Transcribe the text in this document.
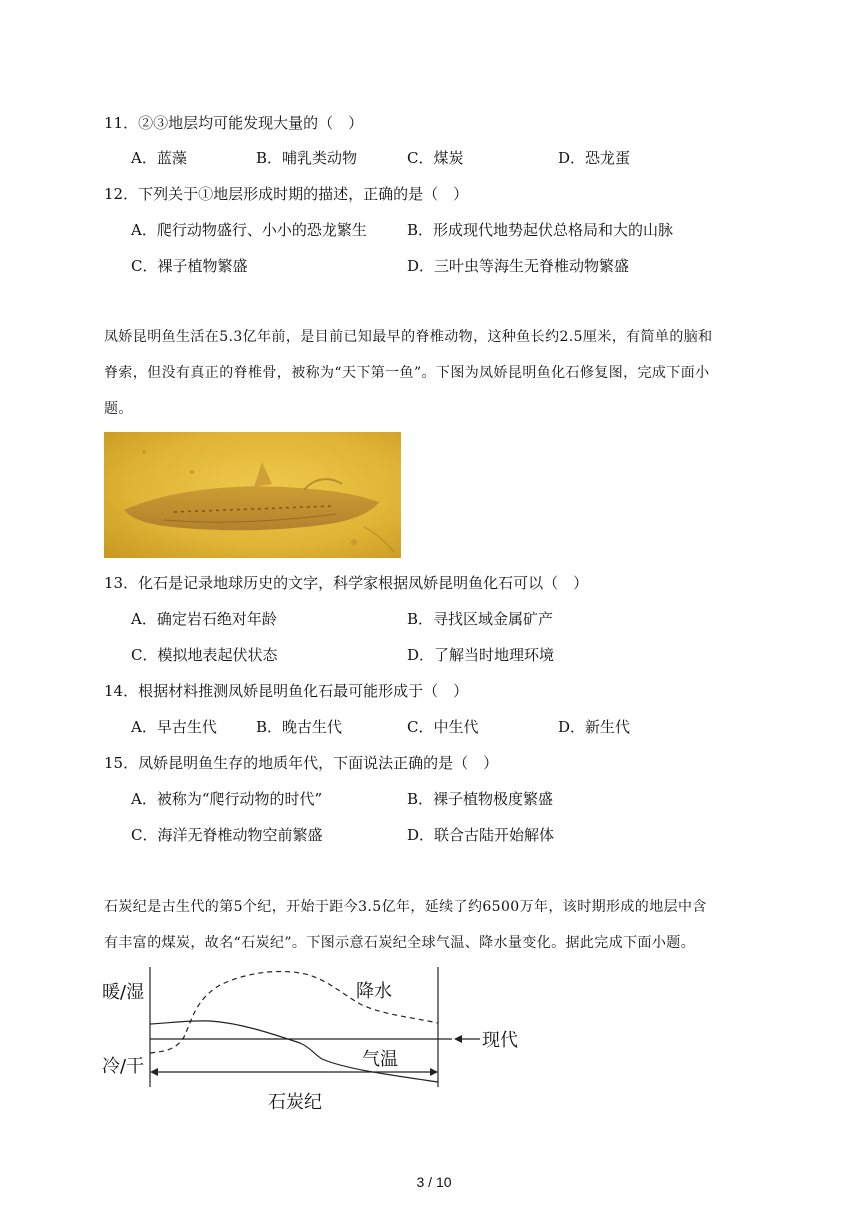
11．②③地层均可能发现大量的（　）
A．蓝藻	B．哺乳类动物	C．煤炭	D．恐龙蛋
12．下列关于①地层形成时期的描述，正确的是（　）
A．爬行动物盛行、小小的恐龙繁生	B．形成现代地势起伏总格局和大的山脉
C．裸子植物繁盛	D．三叶虫等海生无脊椎动物繁盛
凤娇昆明鱼生活在5.3亿年前，是目前已知最早的脊椎动物，这种鱼长约2.5厘米，有简单的脑和
脊索，但没有真正的脊椎骨，被称为“天下第一鱼”。下图为凤娇昆明鱼化石修复图，完成下面小
题。
13．化石是记录地球历史的文字，科学家根据凤娇昆明鱼化石可以（　）
A．确定岩石绝对年龄	B．寻找区域金属矿产
C．模拟地表起伏状态	D．了解当时地理环境
14．根据材料推测凤娇昆明鱼化石最可能形成于（　）
A．早古生代	B．晚古生代	C．中生代	D．新生代
15．凤娇昆明鱼生存的地质年代，下面说法正确的是（　）
A．被称为“爬行动物的时代”	B．裸子植物极度繁盛
C．海洋无脊椎动物空前繁盛	D．联合古陆开始解体
石炭纪是古生代的第5个纪，开始于距今3.5亿年，延续了约6500万年，该时期形成的地层中含
有丰富的煤炭，故名“石炭纪”。下图示意石炭纪全球气温、降水量变化。据此完成下面小题。
暖/湿
冷/干
降水
气温
现代
石炭纪
3 / 10
